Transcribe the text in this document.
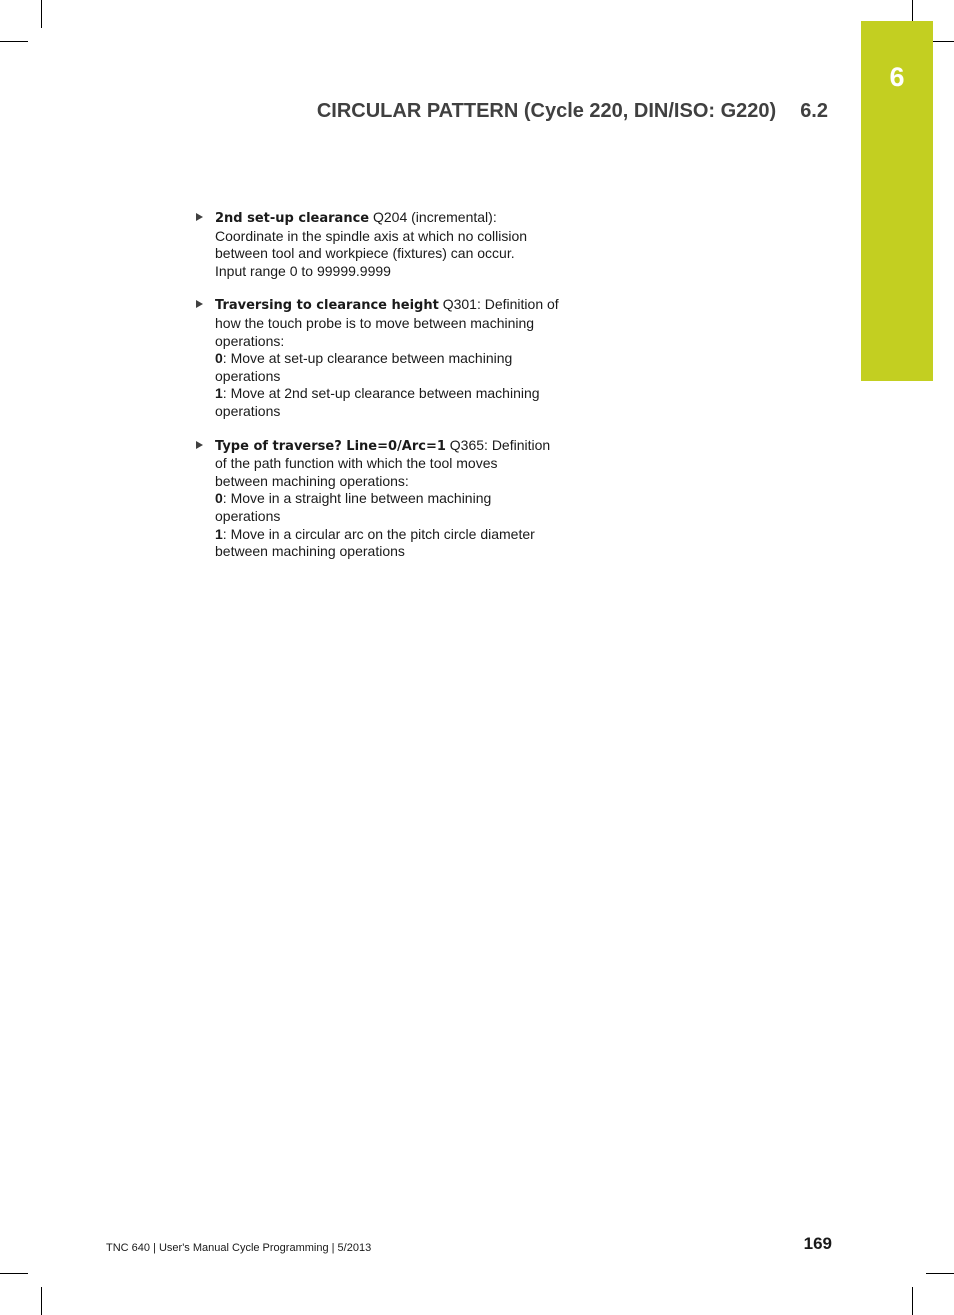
6
CIRCULAR PATTERN (Cycle 220, DIN/ISO: G220) 6.2
2nd set-up clearance Q204 (incremental):
Coordinate in the spindle axis at which no collision
between tool and workpiece (fixtures) can occur.
Input range 0 to 99999.9999
Traversing to clearance height Q301: Definition of
how the touch probe is to move between machining
operations:
0: Move at set-up clearance between machining
operations
1: Move at 2nd set-up clearance between machining
operations
Type of traverse? Line=0/Arc=1 Q365: Definition
of the path function with which the tool moves
between machining operations:
0: Move in a straight line between machining
operations
1: Move in a circular arc on the pitch circle diameter
between machining operations
TNC 640 | User's Manual Cycle Programming | 5/2013	169
